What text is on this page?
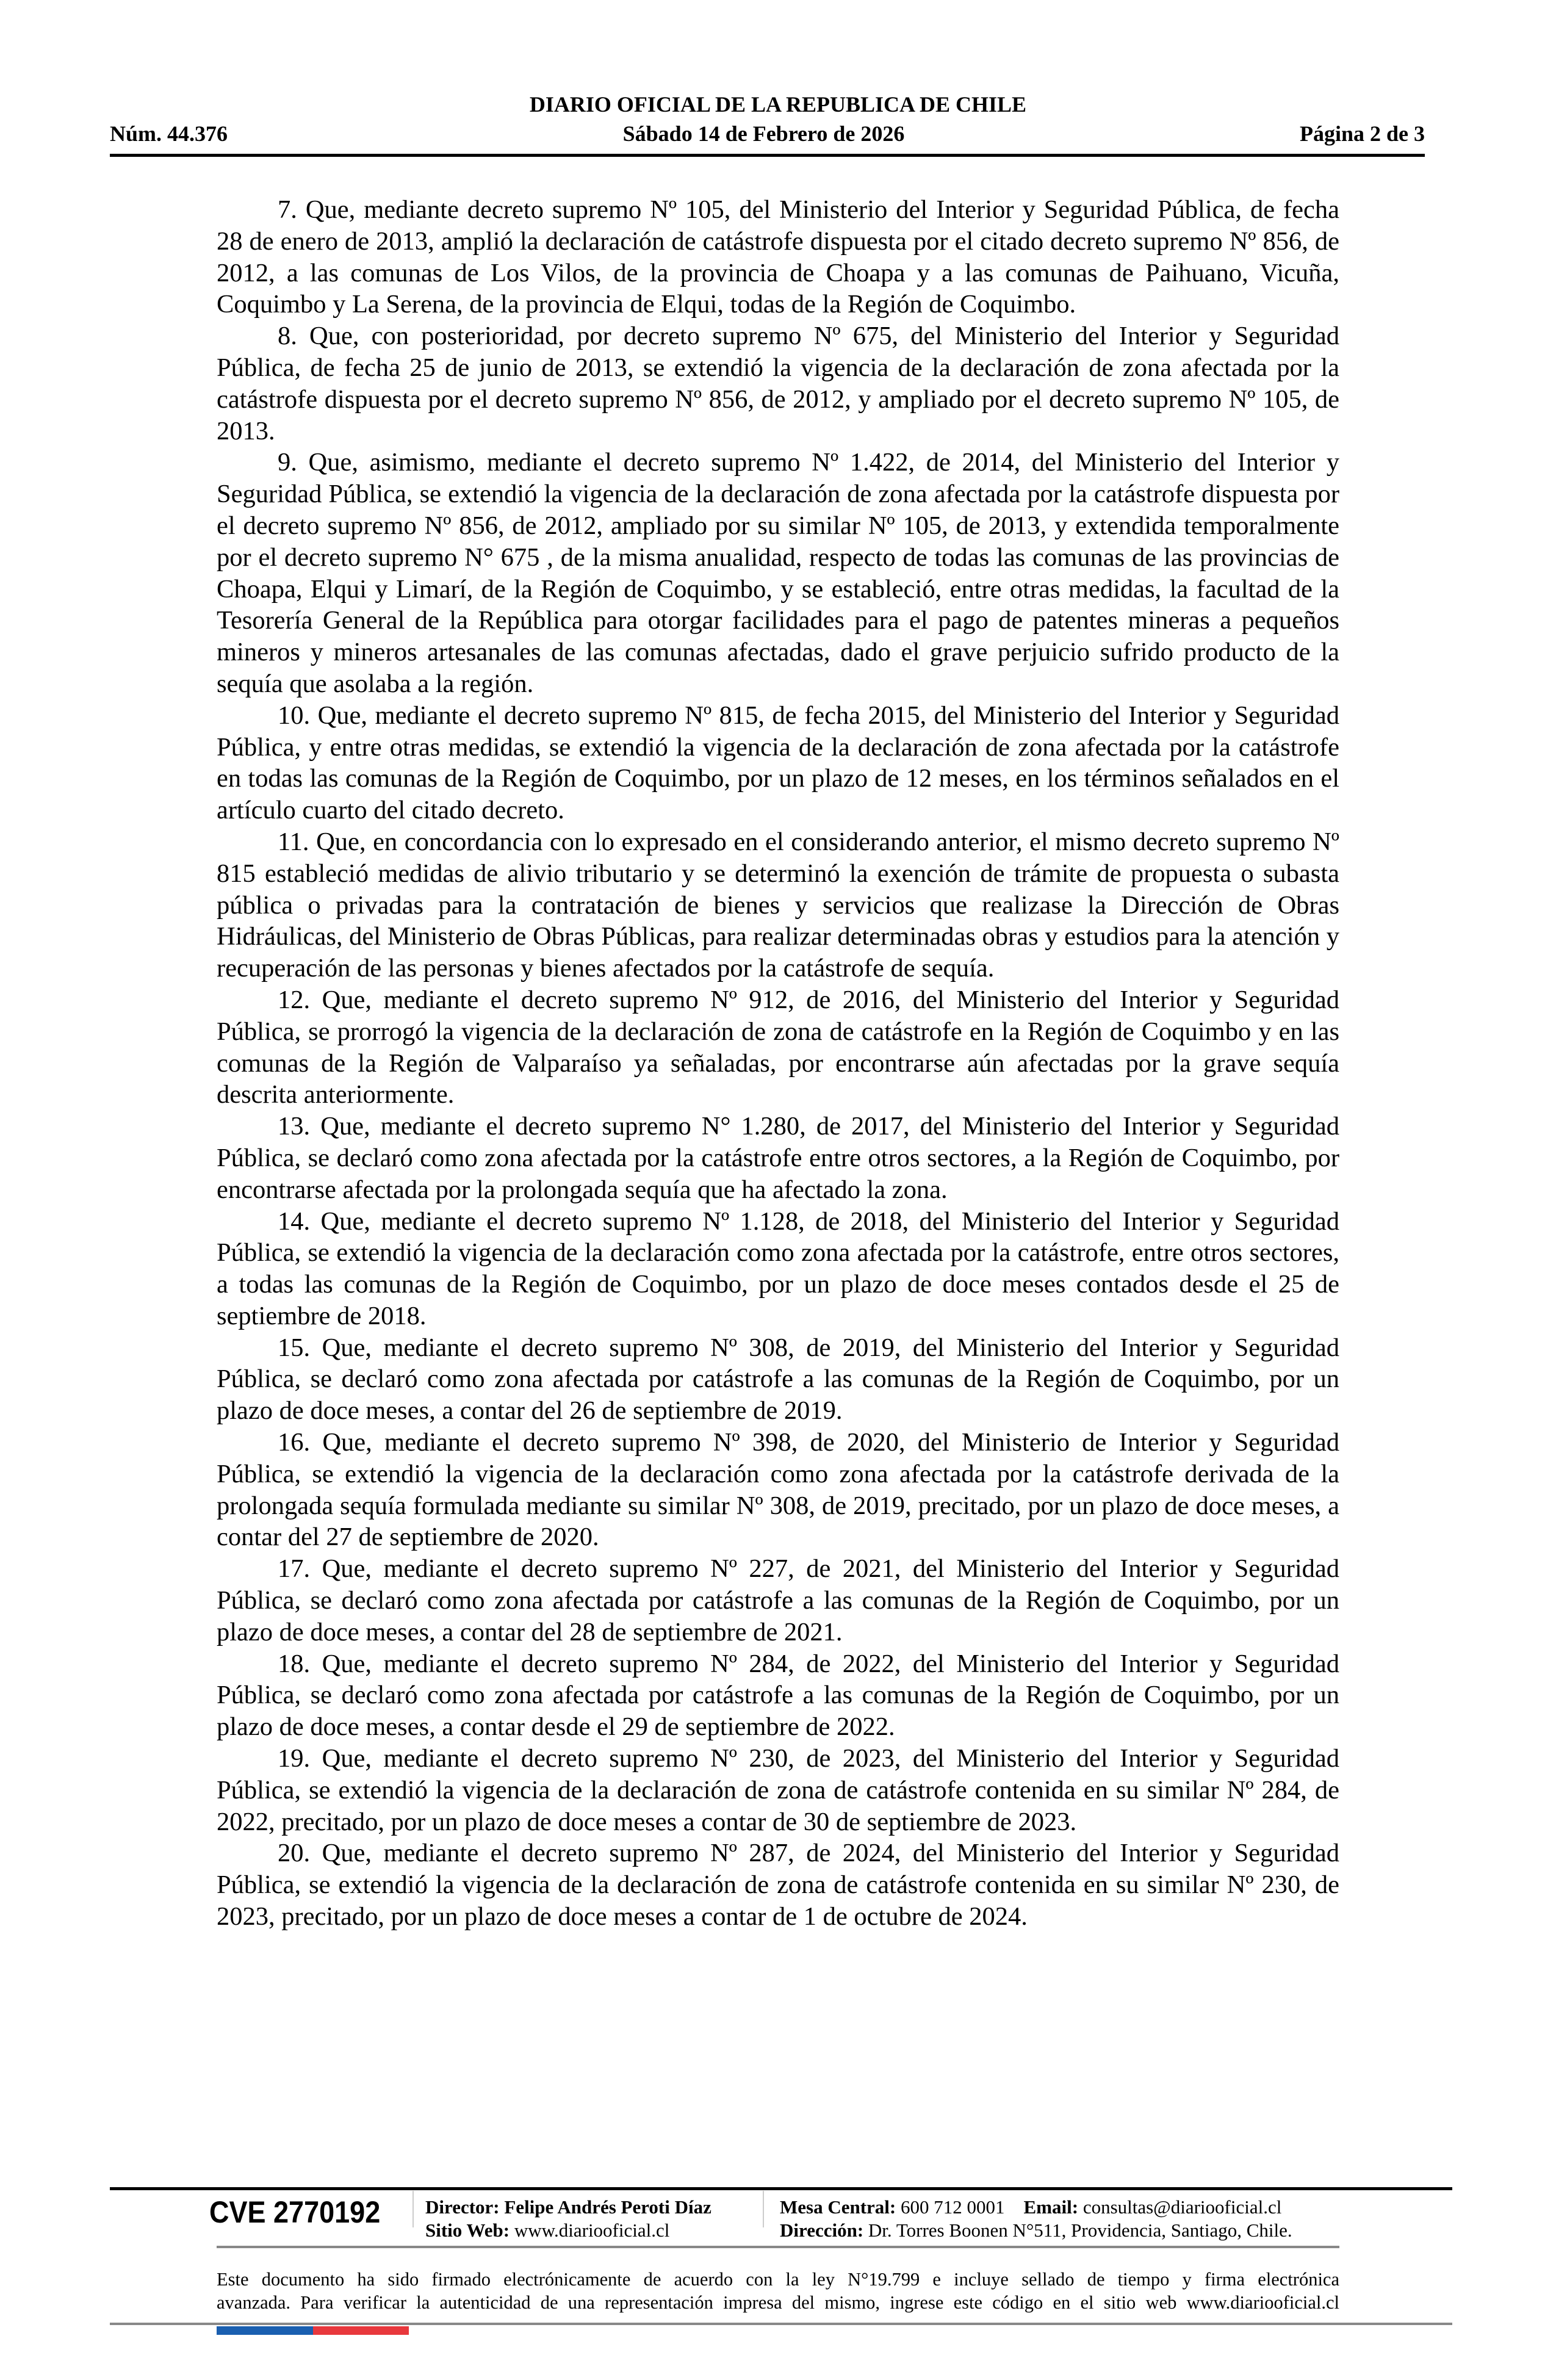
DIARIO OFICIAL DE LA REPUBLICA DE CHILE
Núm. 44.376	Sábado 14 de Febrero de 2026	Página 2 de 3

7. Que, mediante decreto supremo Nº 105, del Ministerio del Interior y Seguridad Pública, de fecha 28 de enero de 2013, amplió la declaración de catástrofe dispuesta por el citado decreto supremo Nº 856, de 2012, a las comunas de Los Vilos, de la provincia de Choapa y a las comunas de Paihuano, Vicuña, Coquimbo y La Serena, de la provincia de Elqui, todas de la Región de Coquimbo.

8. Que, con posterioridad, por decreto supremo Nº 675, del Ministerio del Interior y Seguridad Pública, de fecha 25 de junio de 2013, se extendió la vigencia de la declaración de zona afectada por la catástrofe dispuesta por el decreto supremo Nº 856, de 2012, y ampliado por el decreto supremo Nº 105, de 2013.

9. Que, asimismo, mediante el decreto supremo Nº 1.422, de 2014, del Ministerio del Interior y Seguridad Pública, se extendió la vigencia de la declaración de zona afectada por la catástrofe dispuesta por el decreto supremo Nº 856, de 2012, ampliado por su similar Nº 105, de 2013, y extendida temporalmente por el decreto supremo N° 675 , de la misma anualidad, respecto de todas las comunas de las provincias de Choapa, Elqui y Limarí, de la Región de Coquimbo, y se estableció, entre otras medidas, la facultad de la Tesorería General de la República para otorgar facilidades para el pago de patentes mineras a pequeños mineros y mineros artesanales de las comunas afectadas, dado el grave perjuicio sufrido producto de la sequía que asolaba a la región.

10. Que, mediante el decreto supremo Nº 815, de fecha 2015, del Ministerio del Interior y Seguridad Pública, y entre otras medidas, se extendió la vigencia de la declaración de zona afectada por la catástrofe en todas las comunas de la Región de Coquimbo, por un plazo de 12 meses, en los términos señalados en el artículo cuarto del citado decreto.

11. Que, en concordancia con lo expresado en el considerando anterior, el mismo decreto supremo Nº 815 estableció medidas de alivio tributario y se determinó la exención de trámite de propuesta o subasta pública o privadas para la contratación de bienes y servicios que realizase la Dirección de Obras Hidráulicas, del Ministerio de Obras Públicas, para realizar determinadas obras y estudios para la atención y recuperación de las personas y bienes afectados por la catástrofe de sequía.

12. Que, mediante el decreto supremo Nº 912, de 2016, del Ministerio del Interior y Seguridad Pública, se prorrogó la vigencia de la declaración de zona de catástrofe en la Región de Coquimbo y en las comunas de la Región de Valparaíso ya señaladas, por encontrarse aún afectadas por la grave sequía descrita anteriormente.

13. Que, mediante el decreto supremo N° 1.280, de 2017, del Ministerio del Interior y Seguridad Pública, se declaró como zona afectada por la catástrofe entre otros sectores, a la Región de Coquimbo, por encontrarse afectada por la prolongada sequía que ha afectado la zona.

14. Que, mediante el decreto supremo Nº 1.128, de 2018, del Ministerio del Interior y Seguridad Pública, se extendió la vigencia de la declaración como zona afectada por la catástrofe, entre otros sectores, a todas las comunas de la Región de Coquimbo, por un plazo de doce meses contados desde el 25 de septiembre de 2018.

15. Que, mediante el decreto supremo Nº 308, de 2019, del Ministerio del Interior y Seguridad Pública, se declaró como zona afectada por catástrofe a las comunas de la Región de Coquimbo, por un plazo de doce meses, a contar del 26 de septiembre de 2019.

16. Que, mediante el decreto supremo Nº 398, de 2020, del Ministerio de Interior y Seguridad Pública, se extendió la vigencia de la declaración como zona afectada por la catástrofe derivada de la prolongada sequía formulada mediante su similar Nº 308, de 2019, precitado, por un plazo de doce meses, a contar del 27 de septiembre de 2020.

17. Que, mediante el decreto supremo Nº 227, de 2021, del Ministerio del Interior y Seguridad Pública, se declaró como zona afectada por catástrofe a las comunas de la Región de Coquimbo, por un plazo de doce meses, a contar del 28 de septiembre de 2021.

18. Que, mediante el decreto supremo Nº 284, de 2022, del Ministerio del Interior y Seguridad Pública, se declaró como zona afectada por catástrofe a las comunas de la Región de Coquimbo, por un plazo de doce meses, a contar desde el 29 de septiembre de 2022.

19. Que, mediante el decreto supremo Nº 230, de 2023, del Ministerio del Interior y Seguridad Pública, se extendió la vigencia de la declaración de zona de catástrofe contenida en su similar Nº 284, de 2022, precitado, por un plazo de doce meses a contar de 30 de septiembre de 2023.

20. Que, mediante el decreto supremo Nº 287, de 2024, del Ministerio del Interior y Seguridad Pública, se extendió la vigencia de la declaración de zona de catástrofe contenida en su similar Nº 230, de 2023, precitado, por un plazo de doce meses a contar de 1 de octubre de 2024.

CVE 2770192 Director: Felipe Andrés Peroti Díaz
Sitio Web: www.diariooficial.cl
Mesa Central: 600 712 0001 Email: consultas@diariooficial.cl
Dirección: Dr. Torres Boonen N°511, Providencia, Santiago, Chile.
Este documento ha sido firmado electrónicamente de acuerdo con la ley N°19.799 e incluye sellado de tiempo y firma electrónica
avanzada. Para verificar la autenticidad de una representación impresa del mismo, ingrese este código en el sitio web www.diariooficial.cl
